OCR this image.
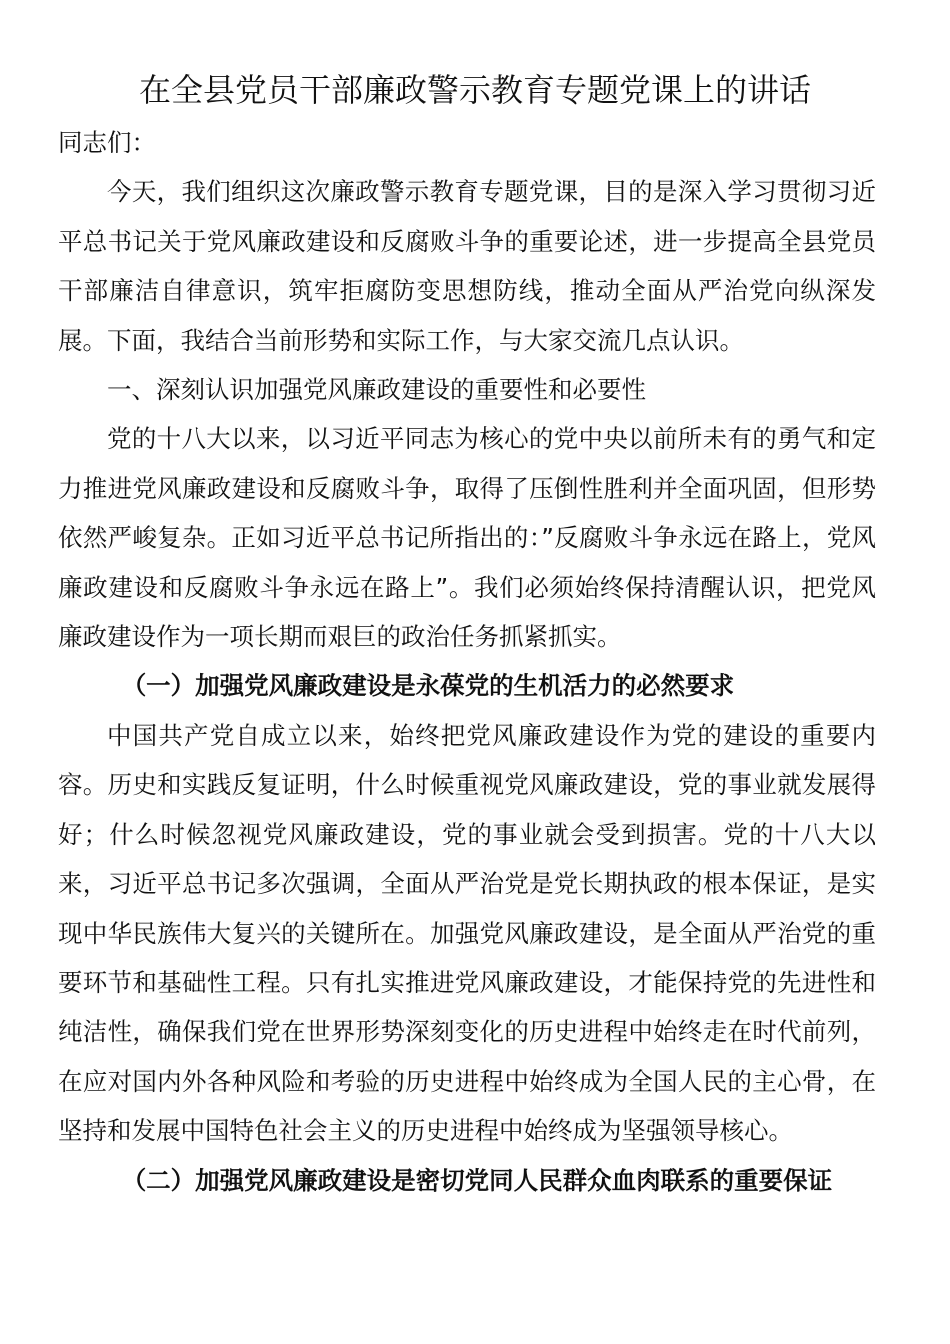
在全县党员干部廉政警示教育专题党课上的讲话

同志们：

今天，我们组织这次廉政警示教育专题党课，目的是深入学习贯彻习近平总书记关于党风廉政建设和反腐败斗争的重要论述，进一步提高全县党员干部廉洁自律意识，筑牢拒腐防变思想防线，推动全面从严治党向纵深发展。下面，我结合当前形势和实际工作，与大家交流几点认识。

一、深刻认识加强党风廉政建设的重要性和必要性

党的十八大以来，以习近平同志为核心的党中央以前所未有的勇气和定力推进党风廉政建设和反腐败斗争，取得了压倒性胜利并全面巩固，但形势依然严峻复杂。正如习近平总书记所指出的：”反腐败斗争永远在路上，党风廉政建设和反腐败斗争永远在路上”。我们必须始终保持清醒认识，把党风廉政建设作为一项长期而艰巨的政治任务抓紧抓实。

（一）加强党风廉政建设是永葆党的生机活力的必然要求

中国共产党自成立以来，始终把党风廉政建设作为党的建设的重要内容。历史和实践反复证明，什么时候重视党风廉政建设，党的事业就发展得好；什么时候忽视党风廉政建设，党的事业就会受到损害。党的十八大以来，习近平总书记多次强调，全面从严治党是党长期执政的根本保证，是实现中华民族伟大复兴的关键所在。加强党风廉政建设，是全面从严治党的重要环节和基础性工程。只有扎实推进党风廉政建设，才能保持党的先进性和纯洁性，确保我们党在世界形势深刻变化的历史进程中始终走在时代前列，在应对国内外各种风险和考验的历史进程中始终成为全国人民的主心骨，在坚持和发展中国特色社会主义的历史进程中始终成为坚强领导核心。

（二）加强党风廉政建设是密切党同人民群众血肉联系的重要保证
